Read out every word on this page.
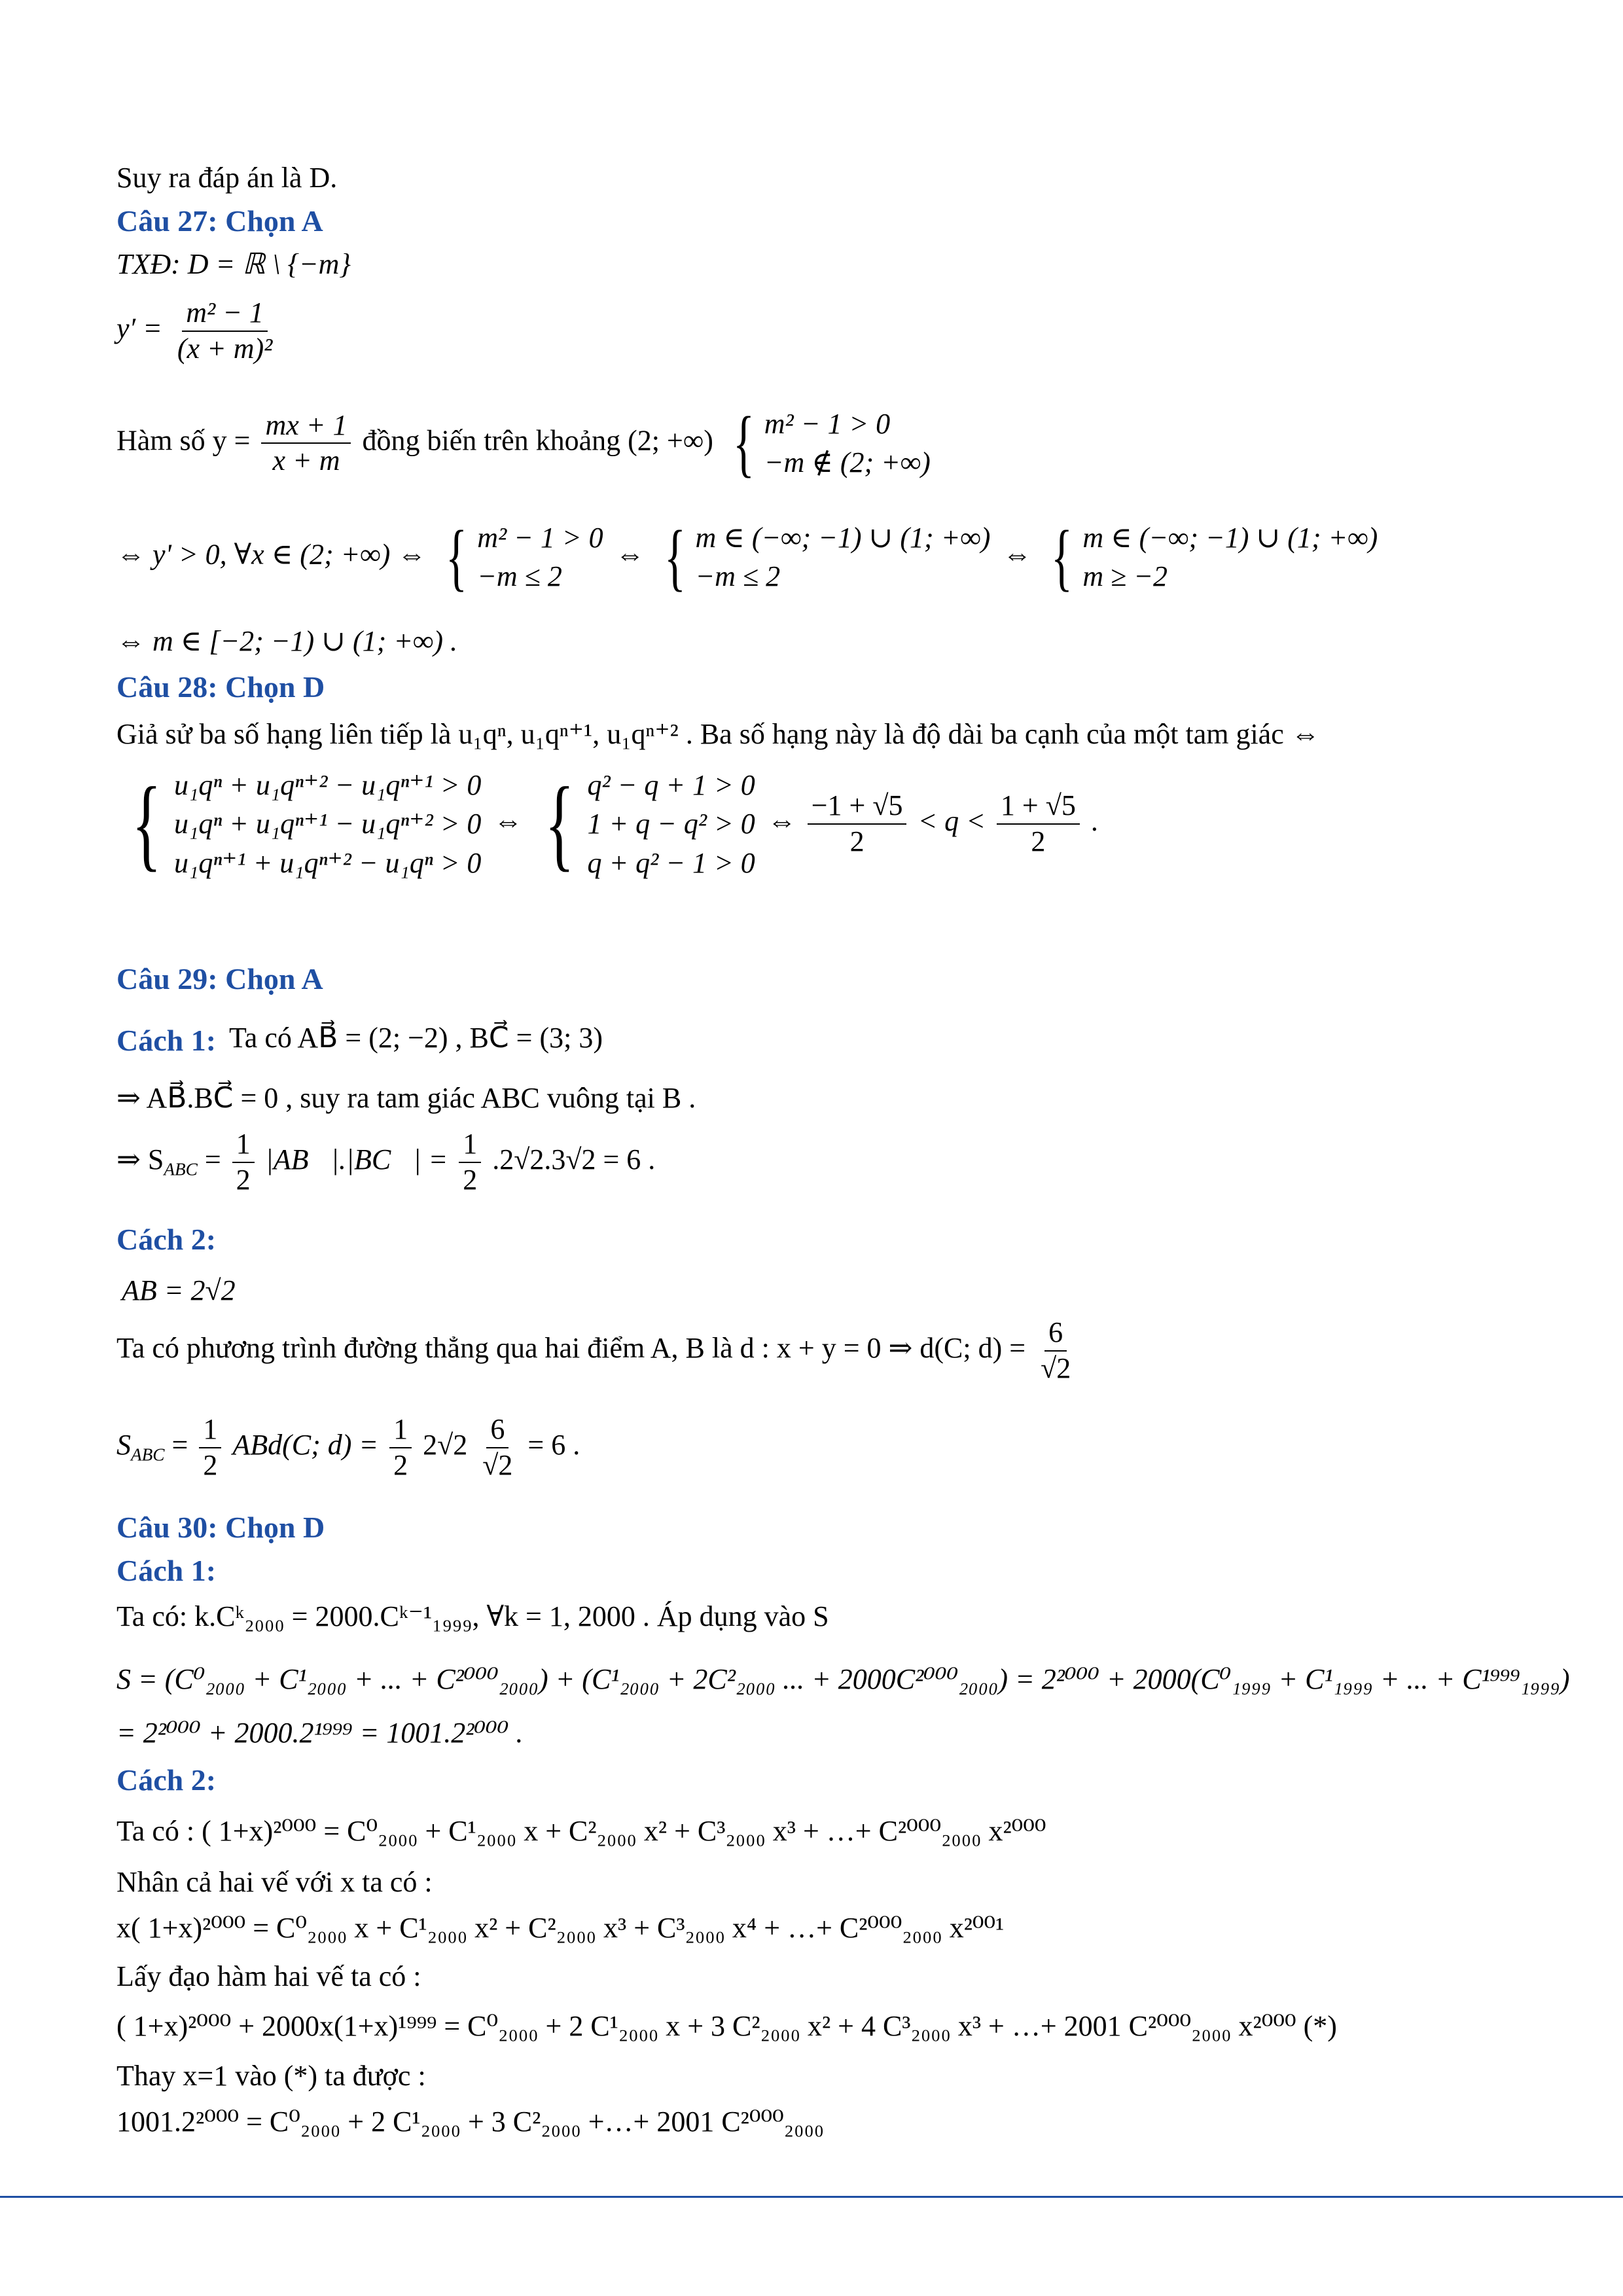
Suy ra đáp án là D.
Câu 27: Chọn A
TXĐ: D = ℝ \ {−m}
$y' = \frac{\text{m² − 1}}{\text{(x + m)²}}$
Hàm số $y = \frac{mx + 1}{x + m}$ đồng biến trên khoảng (2; +∞) { m² − 1 > 0
−m ∉ (2; +∞)
⇔ y' > 0, ∀x ∈ (2; +∞) ⇔ { m² − 1 > 0
−m ≤ 2
⇔ { m ∈ (−∞; −1) ∪ (1; +∞)
−m ≤ 2
⇔ { m ∈ (−∞; −1) ∪ (1; +∞)
m ≥ −2
⇔ m ∈ [−2; −1) ∪ (1; +∞) .
Câu 28: Chọn D
Giả sử ba số hạng liên tiếp là u₁qⁿ, u₁qⁿ⁺¹, u₁qⁿ⁺² . Ba số hạng này là độ dài ba cạnh của một tam giác ⇔
{ u₁qⁿ + u₁qⁿ⁺² − u₁qⁿ⁺¹ > 0
u₁qⁿ + u₁qⁿ⁺¹ − u₁qⁿ⁺² > 0
u₁qⁿ⁺¹ + u₁qⁿ⁺² − u₁qⁿ > 0
⇔ { q² − q + 1 > 0
1 + q − q² > 0
q + q² − 1 > 0
⇔ $\frac{-1 + √5}{2} < q < \frac{1 + √5}{2}$ .
Câu 29: Chọn A
Cách 1: Ta có AB⃗ = (2; −2) , BC⃗ = (3; 3)
⇒ AB⃗.BC⃗ = 0 , suy ra tam giác ABC vuông tại B .
⇒ $S_{ABC} = \frac{1}{2}$ |AB⃗|.|BC⃗| = $\frac{1}{2} .2√2.3√2 = 6$ .
Cách 2:
AB = 2√2
Ta có phương trình đường thẳng qua hai điểm A, B là d : x + y = 0 ⇒ d(C; $d) = \frac{6}{√2}$
$S_{ABC} = \frac{1}{2} ABd(C$; $d) = \frac{1}{2} 2√2 \frac{6}{√2} = 6$ .
Câu 30: Chọn D
Cách 1:
Ta có: k.Cᵏ₂₀₀₀ = 2000.Cᵏ⁻¹₁₉₉₉, ∀k = 1, 2000 . Áp dụng vào S
S = (C⁰₂₀₀₀ + C¹₂₀₀₀ + ... + C²⁰⁰⁰₂₀₀₀) + (C¹₂₀₀₀ + 2C²₂₀₀₀ ... + 2000C²⁰⁰⁰₂₀₀₀) = 2²⁰⁰⁰ + 2000(C⁰₁₉₉₉ + C¹₁₉₉₉ + ... + C¹⁹⁹⁹₁₉₉₉)
= 2²⁰⁰⁰ + 2000.2¹⁹⁹⁹ = 1001.2²⁰⁰⁰ .
Cách 2:
Ta có : ( 1+x)²⁰⁰⁰ = C⁰₂₀₀₀ + C¹₂₀₀₀ x + C²₂₀₀₀ x² + C³₂₀₀₀ x³ + …+ C²⁰⁰⁰₂₀₀₀ x²⁰⁰⁰
Nhân cả hai vế với x ta có :
x( 1+x)²⁰⁰⁰ = C⁰₂₀₀₀ x + C¹₂₀₀₀ x² + C²₂₀₀₀ x³ + C³₂₀₀₀ x⁴ + …+ C²⁰⁰⁰₂₀₀₀ x²⁰⁰¹
Lấy đạo hàm hai vế ta có :
( 1+x)²⁰⁰⁰ + 2000x(1+x)¹⁹⁹⁹ = C⁰₂₀₀₀ + 2 C¹₂₀₀₀ x + 3 C²₂₀₀₀ x² + 4 C³₂₀₀₀ x³ + …+ 2001 C²⁰⁰⁰₂₀₀₀ x²⁰⁰⁰ (*)
Thay x=1 vào (*) ta được :
1001.2²⁰⁰⁰ = C⁰₂₀₀₀ + 2 C¹₂₀₀₀ + 3 C²₂₀₀₀ +…+ 2001 C²⁰⁰⁰₂₀₀₀
